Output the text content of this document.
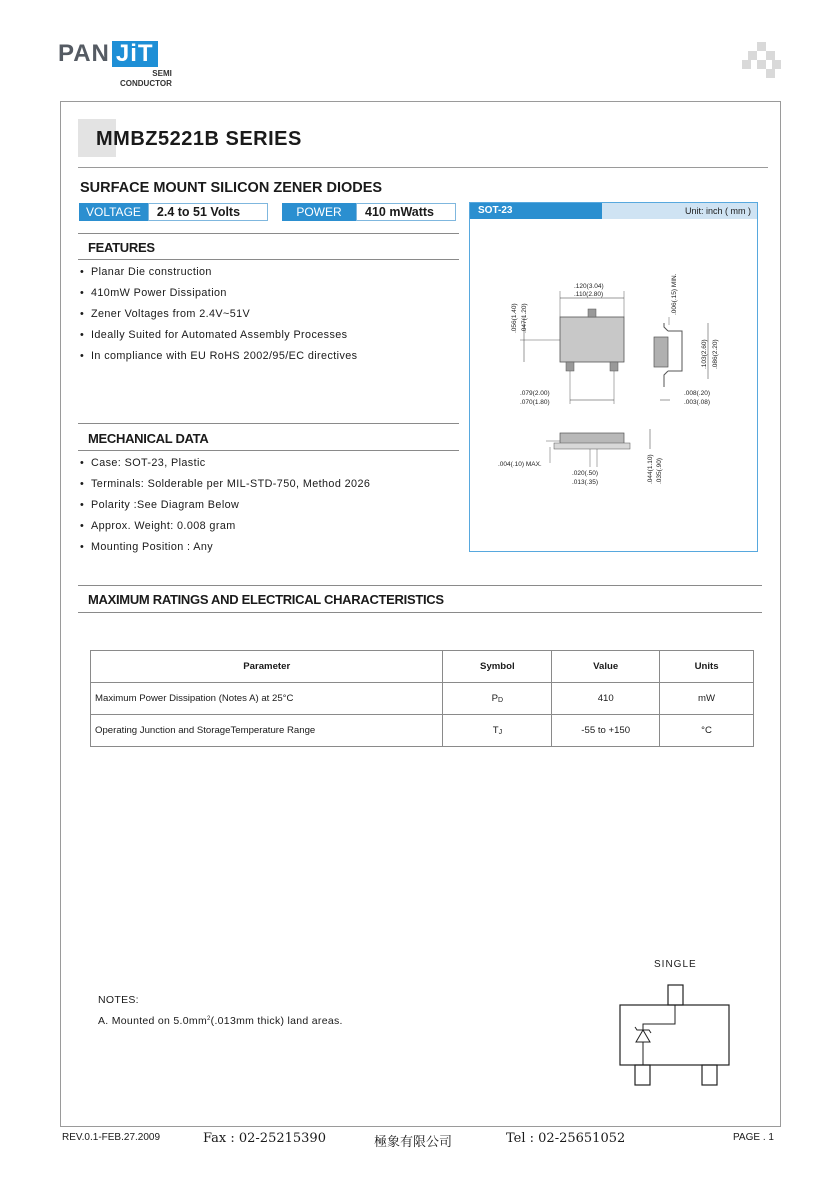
PAN JiT
SEMI
CONDUCTOR
MMBZ5221B SERIES
SURFACE MOUNT SILICON ZENER DIODES
VOLTAGE	2.4 to 51 Volts	POWER	410 mWatts
FEATURES
• Planar Die construction
• 410mW Power Dissipation
• Zener Voltages from 2.4V~51V
• Ideally Suited for Automated Assembly Processes
• In compliance with EU RoHS 2002/95/EC directives
MECHANICAL DATA
• Case: SOT-23, Plastic
• Terminals: Solderable per MIL-STD-750, Method 2026
• Polarity :See Diagram Below
• Approx. Weight: 0.008 gram
• Mounting Position : Any
SOT-23	Unit: inch ( mm )
.120(3.04)
.110(2.80)
.056(1.40) .047(1.20)
.079(2.00)
.070(1.80)
.006(.15) MIN.
.103(2.60) .086(2.20)
.008(.20)
.003(.08)
.004(.10) MAX.
.020(.50)
.013(.35)	.044(1.10) .035(.90)
MAXIMUM RATINGS AND ELECTRICAL CHARACTERISTICS
Parameter	Symbol	Value	Units
Maximum Power Dissipation (Notes A) at 25°C	PD	410	mW
Operating Junction and StorageTemperature Range	TJ	-55 to +150	°C
NOTES:
A. Mounted on $5.0mm^2(.013mm$ thick) land areas.
SINGLE
REV.0.1-FEB.27.2009	Fax : 02-25215390	極象有限公司	Tel : 02-25651052	PAGE . 1
